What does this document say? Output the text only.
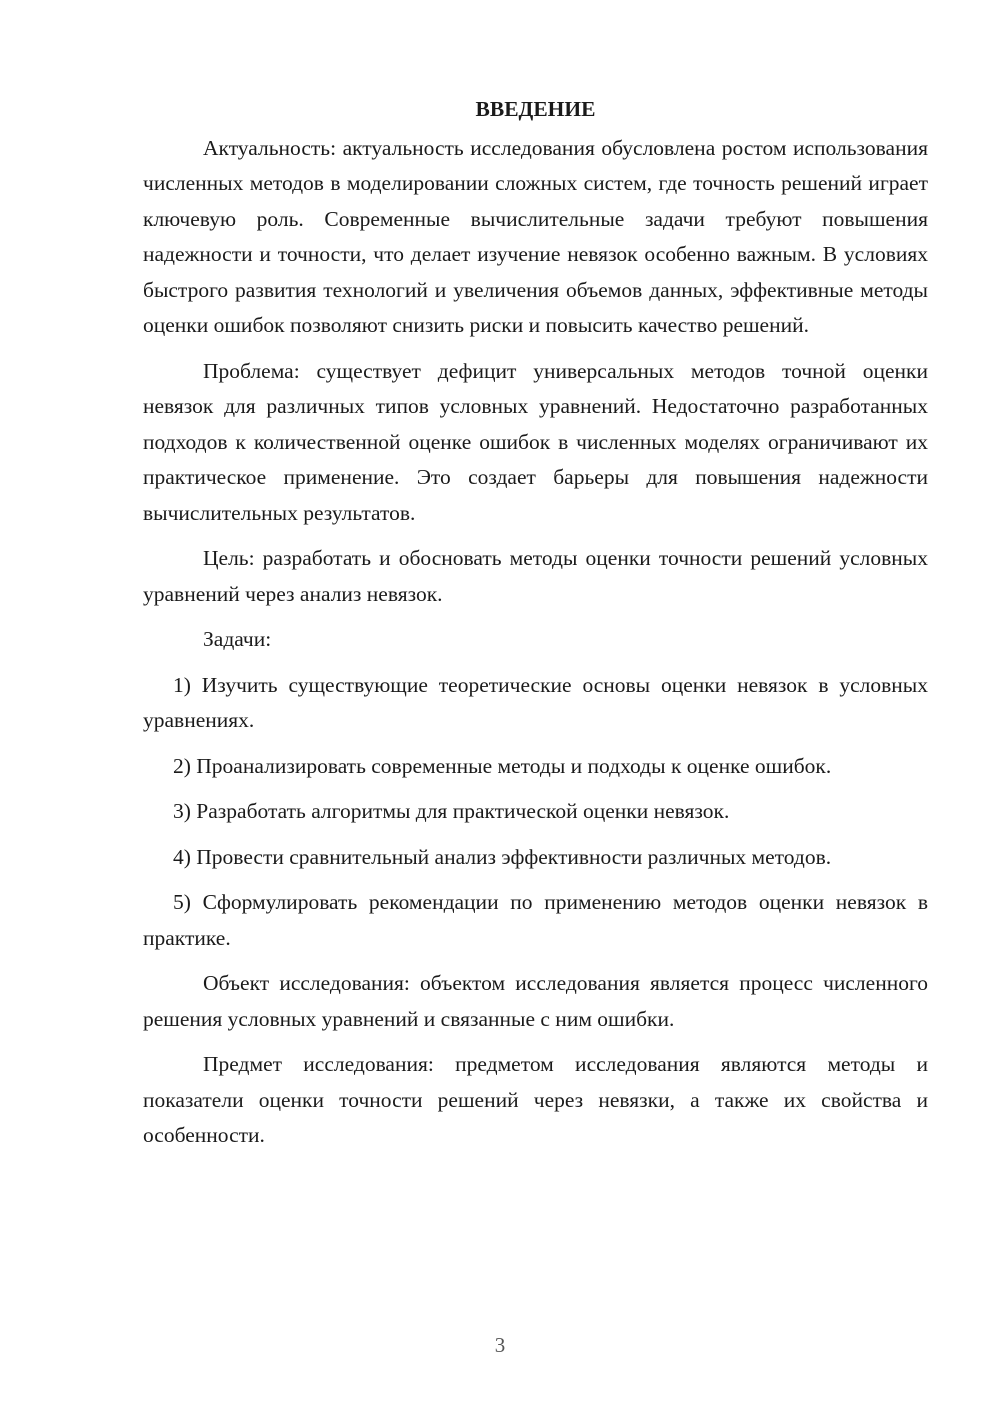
ВВЕДЕНИЕ

Актуальность: актуальность исследования обусловлена ростом использования численных методов в моделировании сложных систем, где точность решений играет ключевую роль. Современные вычислительные задачи требуют повышения надежности и точности, что делает изучение невязок особенно важным. В условиях быстрого развития технологий и увеличения объемов данных, эффективные методы оценки ошибок позволяют снизить риски и повысить качество решений.

Проблема: существует дефицит универсальных методов точной оценки невязок для различных типов условных уравнений. Недостаточно разработанных подходов к количественной оценке ошибок в численных моделях ограничивают их практическое применение. Это создает барьеры для повышения надежности вычислительных результатов.

Цель: разработать и обосновать методы оценки точности решений условных уравнений через анализ невязок.

Задачи:

1) Изучить существующие теоретические основы оценки невязок в условных уравнениях.

2) Проанализировать современные методы и подходы к оценке ошибок.

3) Разработать алгоритмы для практической оценки невязок.

4) Провести сравнительный анализ эффективности различных методов.

5) Сформулировать рекомендации по применению методов оценки невязок в практике.

Объект исследования: объектом исследования является процесс численного решения условных уравнений и связанные с ним ошибки.

Предмет исследования: предметом исследования являются методы и показатели оценки точности решений через невязки, а также их свойства и особенности.

3
